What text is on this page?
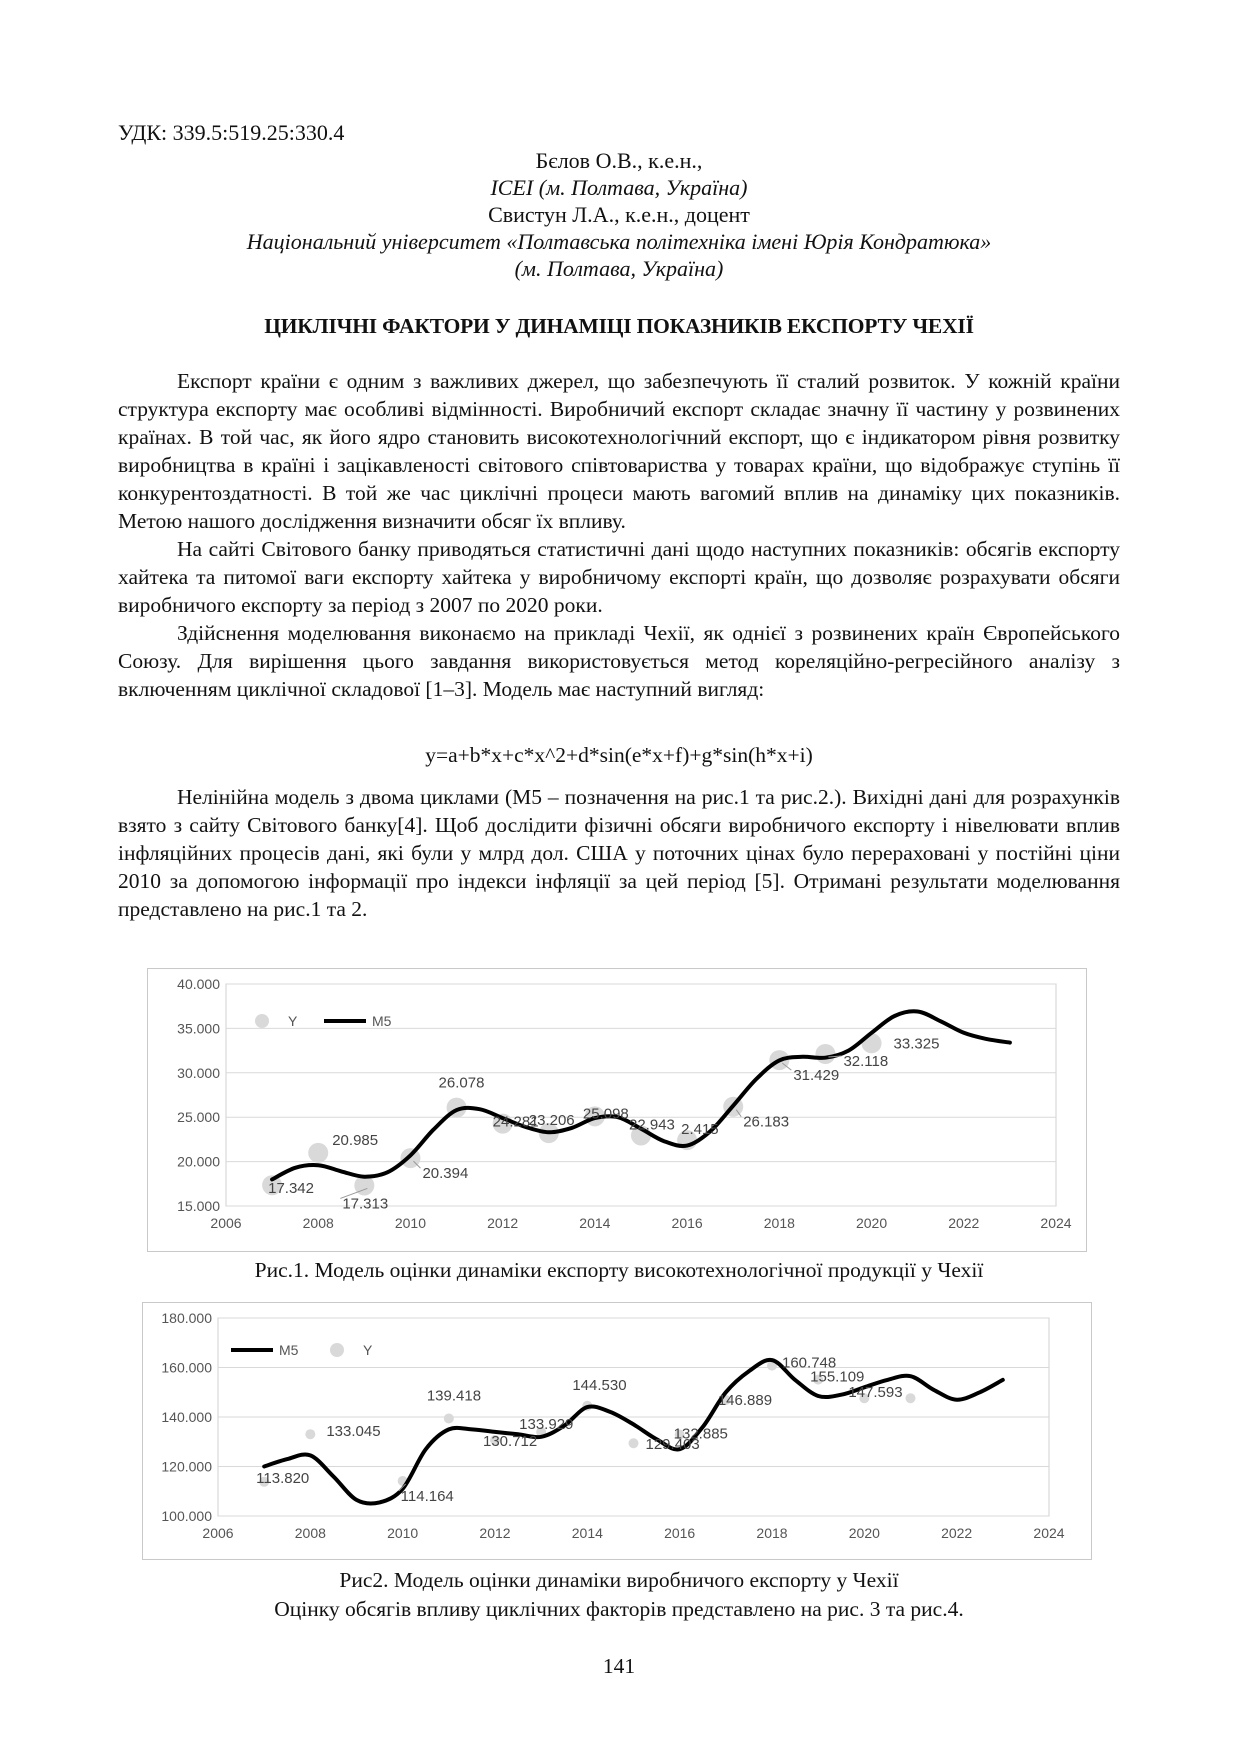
УДК: 339.5:519.25:330.4
Бєлов О.В., к.е.н.,
ІСЕІ (м. Полтава, Україна)
Свистун Л.А., к.е.н., доцент
Національний університет «Полтавська політехніка імені Юрія Кондратюка»
(м. Полтава, Україна)
ЦИКЛІЧНІ ФАКТОРИ У ДИНАМІЦІ ПОКАЗНИКІВ ЕКСПОРТУ ЧЕХІЇ

Експорт країни є одним з важливих джерел, що забезпечують її сталий розвиток. У кожній країни структура експорту має особливі відмінності. Виробничий експорт складає значну її частину у розвинених країнах. В той час, як його ядро становить високотехнологічний експорт, що є індикатором рівня розвитку виробництва в країні і зацікавленості світового співтовариства у товарах країни, що відображує ступінь її конкурентоздатності. В той же час циклічні процеси мають вагомий вплив на динаміку цих показників. Метою нашого дослідження визначити обсяг їх впливу.

На сайті Світового банку приводяться статистичні дані щодо наступних показників: обсягів експорту хайтека та питомої ваги експорту хайтека у виробничому експорті країн, що дозволяє розрахувати обсяги виробничого експорту за період з 2007 по 2020 роки.

Здійснення моделювання виконаємо на прикладі Чехії, як однієї з розвинених країн Європейського Союзу. Для вирішення цього завдання використовується метод кореляційно-регресійного аналізу з включенням циклічної складової [1–3]. Модель має наступний вигляд:

y=a+b*x+c*x^2+d*sin(e*x+f)+g*sin(h*x+i)

Нелінійна модель з двома циклами (М5 – позначення на рис.1 та рис.2.). Вихідні дані для розрахунків взято з сайту Світового банку[4]. Щоб дослідити фізичні обсяги виробничого експорту і нівелювати вплив інфляційних процесів дані, які були у млрд дол. США у поточних цінах було перераховані у постійні ціни 2010 за допомогою інформації про індекси інфляції за цей період [5]. Отримані результати моделювання представлено на рис.1 та 2.

15.000
20.000
25.000
30.000
35.000
40.000
2006	2008	2010	2012	2014	2016	2018	2020	2022	2024
17.342
20.985
17.313
20.394
26.078
24.281
23.206 25.098
22.943 2.415 26.183
31.429
32.118
33.325
Y	M5
Рис.1. Модель оцінки динаміки експорту високотехнологічної продукції у Чехії
100.000
120.000
140.000
160.000
180.000
2006	2008	2010	2012	2014	2016	2018	2020	2022	2024
113.820
133.045
114.164
139.418
130.712
133.929
144.530
129.403
132.885
146.889
160.748
155.109
147.593
M5	Y
Рис2. Модель оцінки динаміки виробничого експорту у Чехії
Оцінку обсягів впливу циклічних факторів представлено на рис. 3 та рис.4.
141
